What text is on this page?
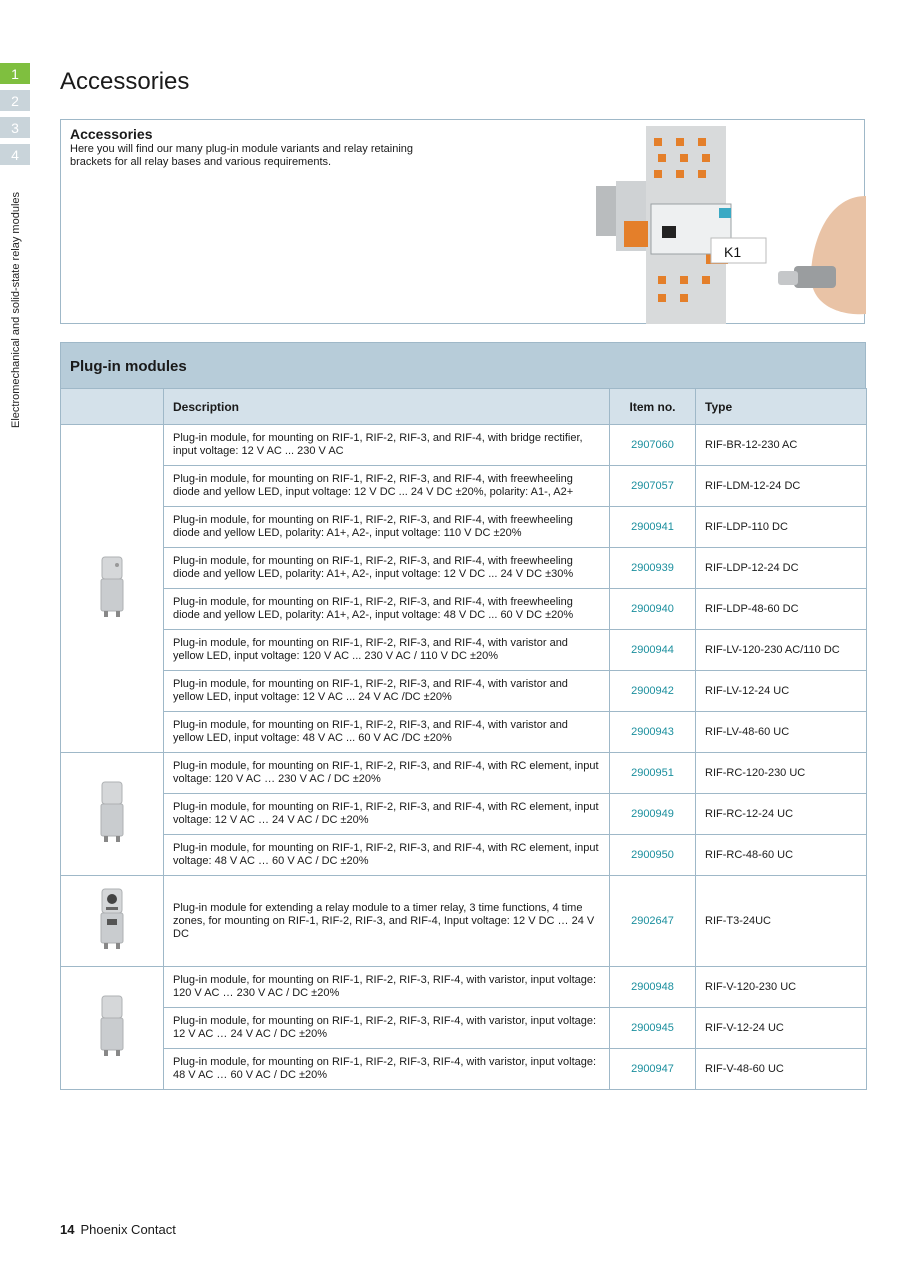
1
2
3
4
Electromechanical and solid-state relay modules
Accessories
Accessories

Here you will find our many plug-in module variants and relay retaining brackets for all relay bases and various requirements.

K1
Plug-in modules
	Description	Item no.	Type
	Plug-in module, for mounting on RIF-1, RIF-2, RIF-3, and RIF-4, with bridge rectifier, input voltage: 12 V AC ... 230 V AC	2907060	RIF-BR-12-230 AC
	Plug-in module, for mounting on RIF-1, RIF-2, RIF-3, and RIF-4, with freewheeling diode and yellow LED, input voltage: 12 V DC ... 24 V DC ±20%, polarity: A1-, A2+	2907057	RIF-LDM-12-24 DC
	Plug-in module, for mounting on RIF-1, RIF-2, RIF-3, and RIF-4, with freewheeling diode and yellow LED, polarity: A1+, A2-, input voltage: 110 V DC ±20%	2900941	RIF-LDP-110 DC
	Plug-in module, for mounting on RIF-1, RIF-2, RIF-3, and RIF-4, with freewheeling diode and yellow LED, polarity: A1+, A2-, input voltage: 12 V DC ... 24 V DC ±30%	2900939	RIF-LDP-12-24 DC
	Plug-in module, for mounting on RIF-1, RIF-2, RIF-3, and RIF-4, with freewheeling diode and yellow LED, polarity: A1+, A2-, input voltage: 48 V DC ... 60 V DC ±20%	2900940	RIF-LDP-48-60 DC
	Plug-in module, for mounting on RIF-1, RIF-2, RIF-3, and RIF-4, with varistor and yellow LED, input voltage: 120 V AC ... 230 V AC / 110 V DC ±20%	2900944	RIF-LV-120-230 AC/110 DC
	Plug-in module, for mounting on RIF-1, RIF-2, RIF-3, and RIF-4, with varistor and yellow LED, input voltage: 12 V AC ... 24 V AC /DC ±20%	2900942	RIF-LV-12-24 UC
	Plug-in module, for mounting on RIF-1, RIF-2, RIF-3, and RIF-4, with varistor and yellow LED, input voltage: 48 V AC ... 60 V AC /DC ±20%	2900943	RIF-LV-48-60 UC
	Plug-in module, for mounting on RIF-1, RIF-2, RIF-3, and RIF-4, with RC element, input voltage: 120 V AC … 230 V AC / DC ±20%	2900951	RIF-RC-120-230 UC
	Plug-in module, for mounting on RIF-1, RIF-2, RIF-3, and RIF-4, with RC element, input voltage: 12 V AC … 24 V AC / DC ±20%	2900949	RIF-RC-12-24 UC
	Plug-in module, for mounting on RIF-1, RIF-2, RIF-3, and RIF-4, with RC element, input voltage: 48 V AC … 60 V AC / DC ±20%	2900950	RIF-RC-48-60 UC
	Plug-in module for extending a relay module to a timer relay, 3 time functions, 4 time zones, for mounting on RIF-1, RIF-2, RIF-3, and RIF-4, Input voltage: 12 V DC … 24 V DC	2902647	RIF-T3-24UC
	Plug-in module, for mounting on RIF-1, RIF-2, RIF-3, RIF-4, with varistor, input voltage: 120 V AC … 230 V AC / DC ±20%	2900948	RIF-V-120-230 UC
	Plug-in module, for mounting on RIF-1, RIF-2, RIF-3, RIF-4, with varistor, input voltage: 12 V AC … 24 V AC / DC ±20%	2900945	RIF-V-12-24 UC
	Plug-in module, for mounting on RIF-1, RIF-2, RIF-3, RIF-4, with varistor, input voltage: 48 V AC … 60 V AC / DC ±20%	2900947	RIF-V-48-60 UC

14 Phoenix Contact
